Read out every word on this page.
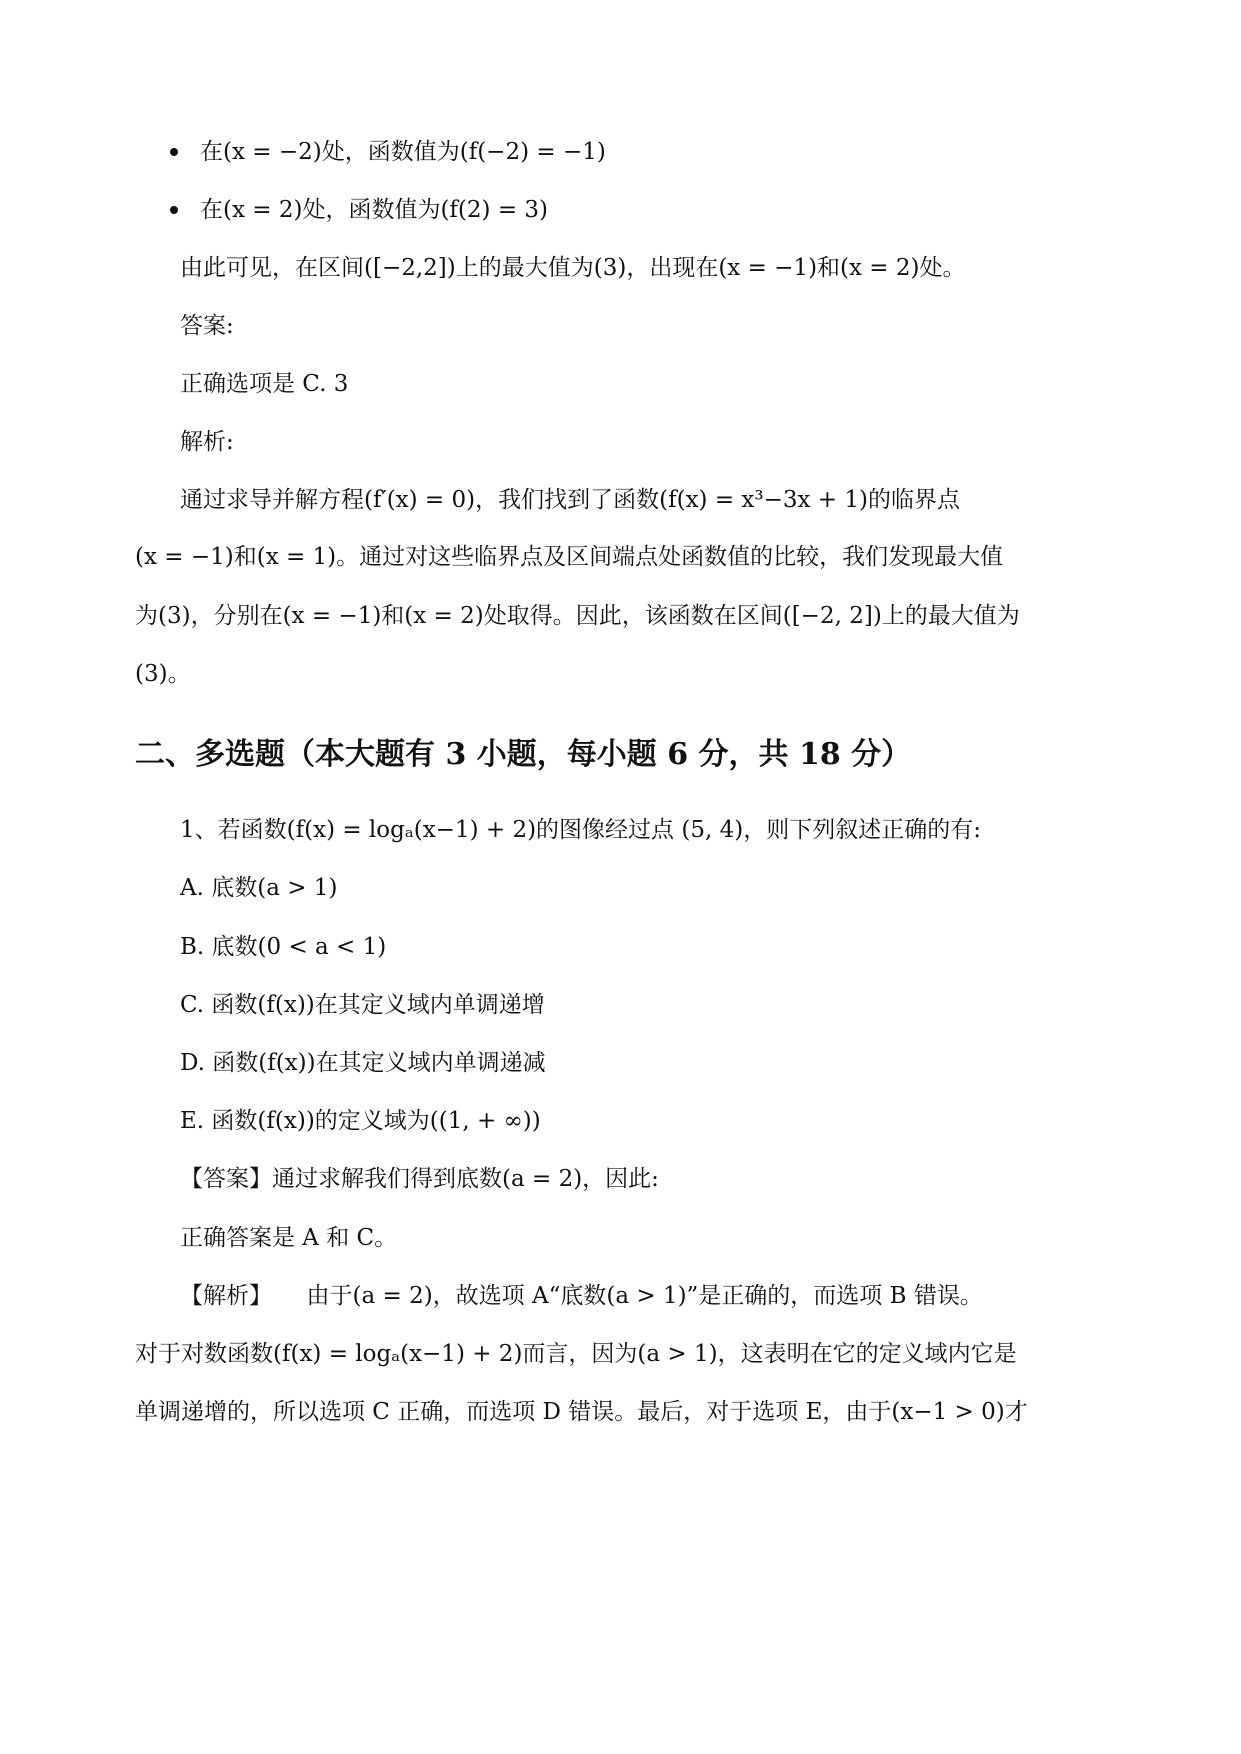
在(x = −2)处，函数值为(f(−2) = −1)
在(x = 2)处，函数值为(f(2) = 3)
由此可见，在区间([−2,2])上的最大值为(3)，出现在(x = −1)和(x = 2)处。
答案:
正确选项是 C. 3
解析:
通过求导并解方程(f′(x) = 0)，我们找到了函数(f(x) = x³−3x + 1)的临界点
(x = −1)和(x = 1)。通过对这些临界点及区间端点处函数值的比较，我们发现最大值
为(3)，分别在(x = −1)和(x = 2)处取得。因此，该函数在区间([−2, 2])上的最大值为
(3)。
二、多选题（本大题有 3 小题，每小题 6 分，共 18 分）
1、若函数(f(x) = logₐ(x−1) + 2)的图像经过点 (5, 4)，则下列叙述正确的有:
A. 底数(a > 1)
B. 底数(0 < a < 1)
C. 函数(f(x))在其定义域内单调递增
D. 函数(f(x))在其定义域内单调递减
E. 函数(f(x))的定义域为((1, + ∞))
【答案】通过求解我们得到底数(a = 2)，因此:
正确答案是 A 和 C。
【解析】　　由于(a = 2)，故选项 A“底数(a > 1)”是正确的，而选项 B 错误。
对于对数函数(f(x) = logₐ(x−1) + 2)而言，因为(a > 1)，这表明在它的定义域内它是
单调递增的，所以选项 C 正确，而选项 D 错误。最后，对于选项 E，由于(x−1 > 0)才
